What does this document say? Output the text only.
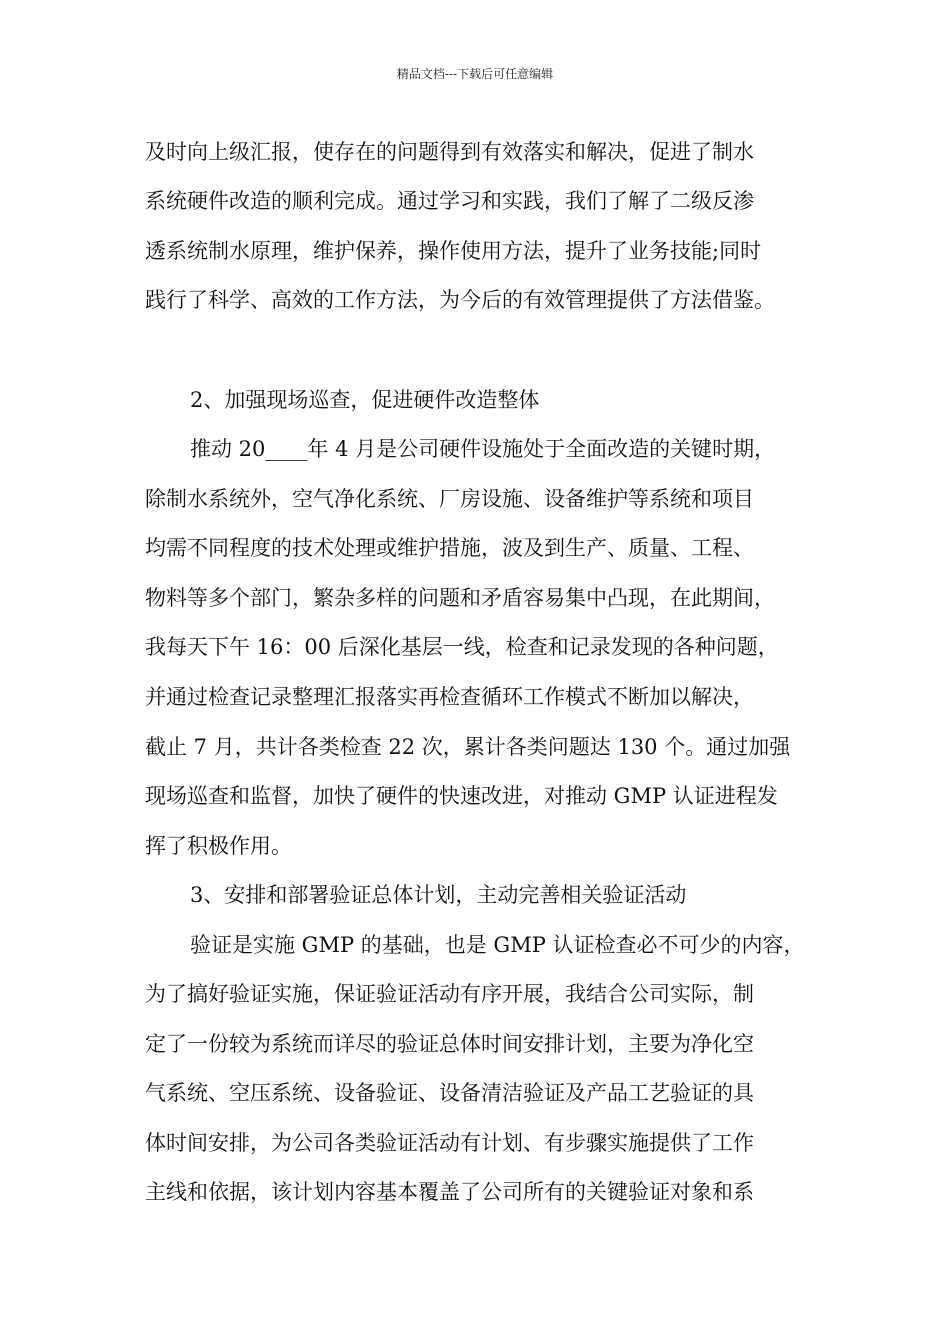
精品文档---下载后可任意编辑
及时向上级汇报，使存在的问题得到有效落实和解决，促进了制水
系统硬件改造的顺利完成。通过学习和实践，我们了解了二级反渗
透系统制水原理，维护保养，操作使用方法，提升了业务技能;同时
践行了科学、高效的工作方法，为今后的有效管理提供了方法借鉴。
2、加强现场巡查，促进硬件改造整体
推动 20____年 4 月是公司硬件设施处于全面改造的关键时期，
除制水系统外，空气净化系统、厂房设施、设备维护等系统和项目
均需不同程度的技术处理或维护措施，波及到生产、质量、工程、
物料等多个部门，繁杂多样的问题和矛盾容易集中凸现，在此期间，
我每天下午 16：00 后深化基层一线，检查和记录发现的各种问题，
并通过检查记录整理汇报落实再检查循环工作模式不断加以解决，
截止 7 月，共计各类检查 22 次，累计各类问题达 130 个。通过加强
现场巡查和监督，加快了硬件的快速改进，对推动 GMP 认证进程发
挥了积极作用。
3、安排和部署验证总体计划，主动完善相关验证活动
验证是实施 GMP 的基础，也是 GMP 认证检查必不可少的内容，
为了搞好验证实施，保证验证活动有序开展，我结合公司实际，制
定了一份较为系统而详尽的验证总体时间安排计划，主要为净化空
气系统、空压系统、设备验证、设备清洁验证及产品工艺验证的具
体时间安排，为公司各类验证活动有计划、有步骤实施提供了工作
主线和依据，该计划内容基本覆盖了公司所有的关键验证对象和系
